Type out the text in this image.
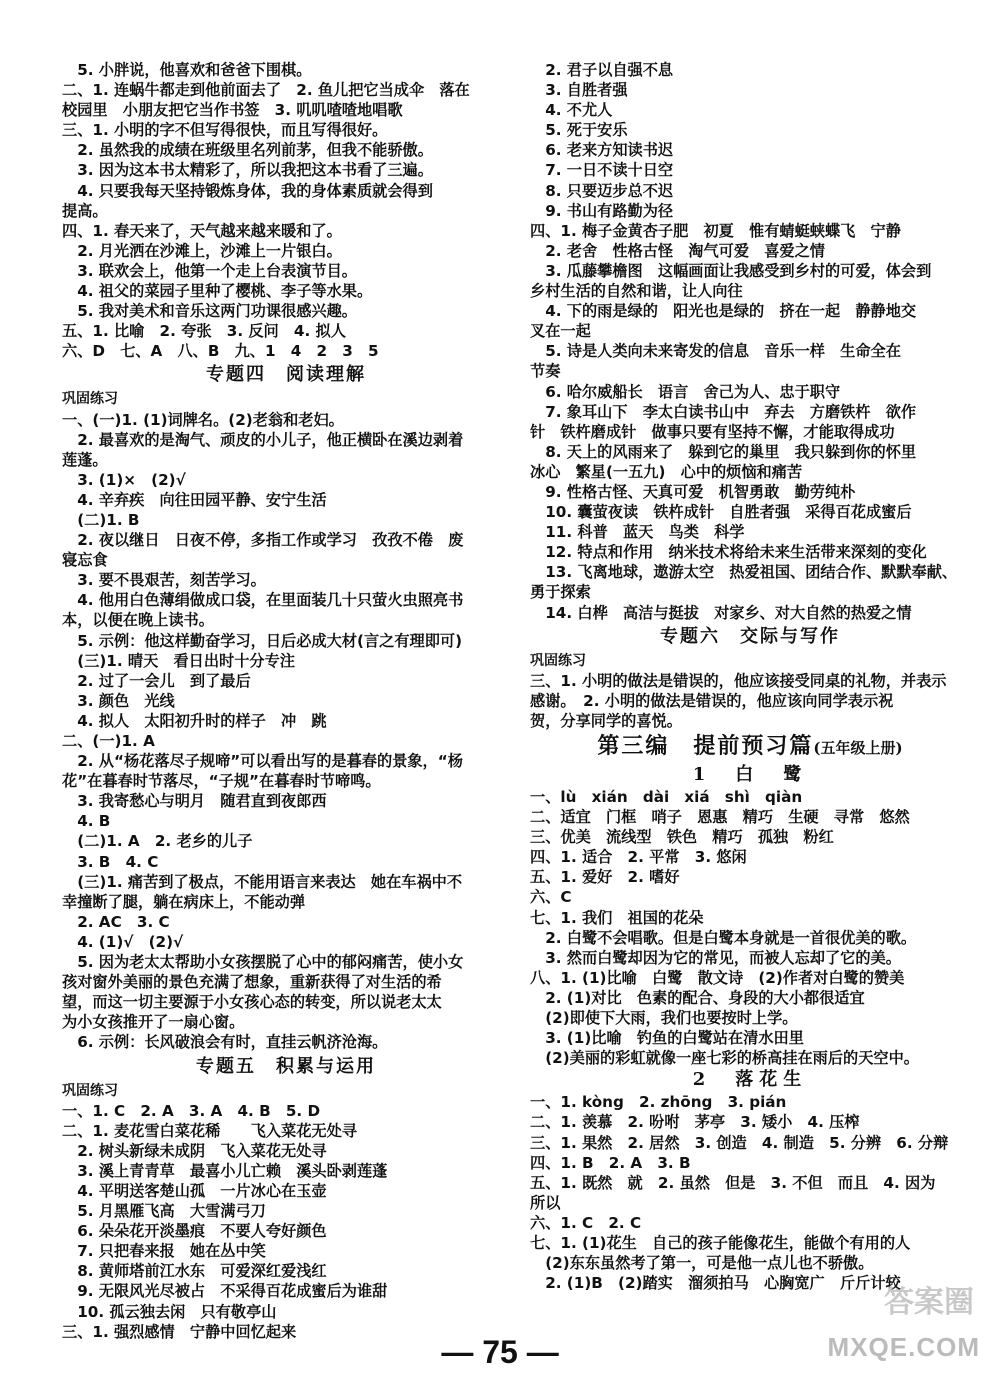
　5. 小胖说，他喜欢和爸爸下围棋。
二、1. 连蜗牛都走到他前面去了　2. 鱼儿把它当成伞　落在
校园里　小朋友把它当作书签　3. 叽叽喳喳地唱歌
三、1. 小明的字不但写得很快，而且写得很好。
　2. 虽然我的成绩在班级里名列前茅，但我不能骄傲。
　3. 因为这本书太精彩了，所以我把这本书看了三遍。
　4. 只要我每天坚持锻炼身体，我的身体素质就会得到
提高。
四、1. 春天来了，天气越来越来暖和了。
　2. 月光洒在沙滩上，沙滩上一片银白。
　3. 联欢会上，他第一个走上台表演节目。
　4. 祖父的菜园子里种了樱桃、李子等水果。
　5. 我对美术和音乐这两门功课很感兴趣。
五、1. 比喻　2. 夸张　3. 反问　4. 拟人
六、D　七、A　八、B　九、1　4　2　3　5
专题四　阅读理解
巩固练习
一、(一)1. (1)词牌名。(2)老翁和老妇。
　2. 最喜欢的是淘气、顽皮的小儿子，他正横卧在溪边剥着
莲蓬。
　3. (1)×　(2)√
　4. 辛弃疾　向往田园平静、安宁生活
　(二)1. B
　2. 夜以继日　日夜不停，多指工作或学习　孜孜不倦　废
寝忘食
　3. 要不畏艰苦，刻苦学习。
　4. 他用白色薄绢做成口袋，在里面装几十只萤火虫照亮书
本，以便在晚上读书。
　5. 示例：他这样勤奋学习，日后必成大材(言之有理即可)
　(三)1. 晴天　看日出时十分专注
　2. 过了一会儿　到了最后
　3. 颜色　光线
　4. 拟人　太阳初升时的样子　冲　跳
二、(一)1. A
　2. 从“杨花落尽子规啼”可以看出写的是暮春的景象，“杨
花”在暮春时节落尽，“子规”在暮春时节啼鸣。
　3. 我寄愁心与明月　随君直到夜郎西
　4. B
　(二)1. A　2. 老乡的儿子
　3. B　4. C
　(三)1. 痛苦到了极点，不能用语言来表达　她在车祸中不
幸撞断了腿，躺在病床上，不能动弹
　2. AC　3. C
　4. (1)√　(2)√
　5. 因为老太太帮助小女孩摆脱了心中的郁闷痛苦，使小女
孩对窗外美丽的景色充满了想象，重新获得了对生活的希
望，而这一切主要源于小女孩心态的转变，所以说老太太
为小女孩推开了一扇心窗。
　6. 示例：长风破浪会有时，直挂云帆济沧海。
专题五　积累与运用
巩固练习
一、1. C　2. A　3. A　4. B　5. D
二、1. 麦花雪白菜花稀　　飞入菜花无处寻
　2. 树头新绿未成阴　飞入菜花无处寻
　3. 溪上青青草　最喜小儿亡赖　溪头卧剥莲蓬
　4. 平明送客楚山孤　一片冰心在玉壶
　5. 月黑雁飞高　大雪满弓刀
　6. 朵朵花开淡墨痕　不要人夸好颜色
　7. 只把春来报　她在丛中笑
　8. 黄师塔前江水东　可爱深红爱浅红
　9. 无限风光尽被占　不采得百花成蜜后为谁甜
　10. 孤云独去闲　只有敬亭山
三、1. 强烈感情　宁静中回忆起来
　2. 君子以自强不息
　3. 自胜者强
　4. 不尤人
　5. 死于安乐
　6. 老来方知读书迟
　7. 一日不读十日空
　8. 只要迈步总不迟
　9. 书山有路勤为径
四、1. 梅子金黄杏子肥　初夏　惟有蜻蜓蛱蝶飞　宁静
　2. 老舍　性格古怪　淘气可爱　喜爱之情
　3. 瓜藤攀檐图　这幅画面让我感受到乡村的可爱，体会到
乡村生活的自然和谐，让人向往
　4. 下的雨是绿的　阳光也是绿的　挤在一起　静静地交
叉在一起
　5. 诗是人类向未来寄发的信息　音乐一样　生命全在
节奏
　6. 哈尔威船长　语言　舍己为人、忠于职守
　7. 象耳山下　李太白读书山中　弃去　方磨铁杵　欲作
针　铁杵磨成针　做事只要有坚持不懈，才能取得成功
　8. 天上的风雨来了　躲到它的巢里　我只躲到你的怀里
冰心　繁星(一五九)　心中的烦恼和痛苦
　9. 性格古怪、天真可爱　机智勇敢　勤劳纯朴
　10. 囊萤夜读　铁杵成针　自胜者强　采得百花成蜜后
　11. 科普　蓝天　鸟类　科学
　12. 特点和作用　纳米技术将给未来生活带来深刻的变化
　13. 飞离地球，遨游太空　热爱祖国、团结合作、默默奉献、
勇于探索
　14. 白桦　高洁与挺拔　对家乡、对大自然的热爱之情
专题六　交际与写作
巩固练习
三、1. 小明的做法是错误的，他应该接受同桌的礼物，并表示
感谢。　2. 小明的做法是错误的，他应该向同学表示祝
贺，分享同学的喜悦。
第三编　提前预习篇(五年级上册)
1　白　鹭
一、lù　xián　dài　xiá　shì　qiàn
二、适宜　门框　哨子　恩惠　精巧　生硬　寻常　悠然
三、优美　流线型　铁色　精巧　孤独　粉红
四、1. 适合　2. 平常　3. 悠闲
五、1. 爱好　2. 嗜好
六、C
七、1. 我们　祖国的花朵
　2. 白鹭不会唱歌。但是白鹭本身就是一首很优美的歌。
　3. 然而白鹭却因为它的常见，而被人忘却了它的美。
八、1. (1)比喻　白鹭　散文诗　(2)作者对白鹭的赞美
　2. (1)对比　色素的配合、身段的大小都很适宜
　(2)即使下大雨，我们也要按时上学。
　3. (1)比喻　钓鱼的白鹭站在清水田里
　(2)美丽的彩虹就像一座七彩的桥高挂在雨后的天空中。
2　落花生
一、1. kòng　2. zhōng　3. pián
二、1. 羡慕　2. 吩咐　茅亭　3. 矮小　4. 压榨
三、1. 果然　2. 居然　3. 创造　4. 制造　5. 分辨　6. 分辩
四、1. B　2. A　3. B
五、1. 既然　就　2. 虽然　但是　3. 不但　而且　4. 因为
所以
六、1. C　2. C
七、1. (1)花生　自己的孩子能像花生，能做个有用的人
　(2)东东虽然考了第一，可是他一点儿也不骄傲。
　2. (1)B　(2)踏实　溜须拍马　心胸宽广　斤斤计较
— 75 —
答案圈
MXQE.COM
